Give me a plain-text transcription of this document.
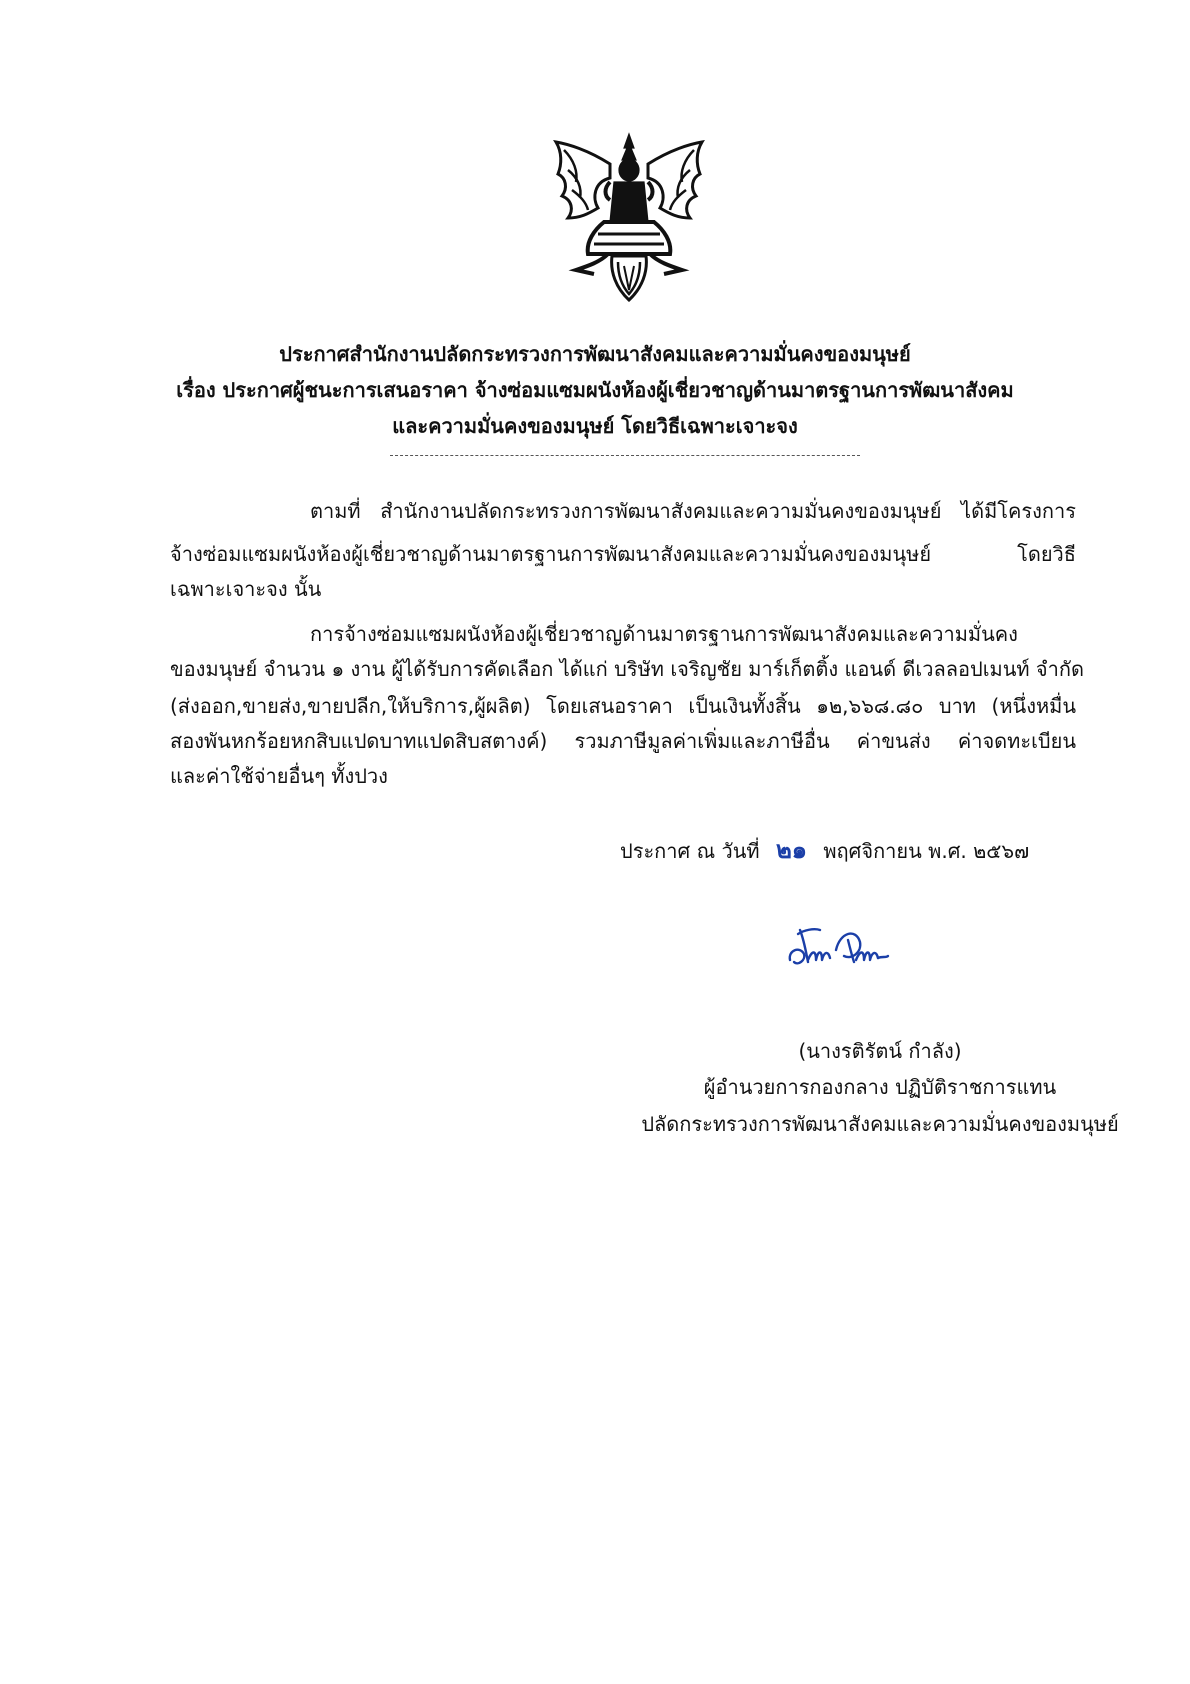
ประกาศสำนักงานปลัดกระทรวงการพัฒนาสังคมและความมั่นคงของมนุษย์
เรื่อง ประกาศผู้ชนะการเสนอราคา จ้างซ่อมแซมผนังห้องผู้เชี่ยวชาญด้านมาตรฐานการพัฒนาสังคม
และความมั่นคงของมนุษย์ โดยวิธีเฉพาะเจาะจง
ตามที่ สำนักงานปลัดกระทรวงการพัฒนาสังคมและความมั่นคงของมนุษย์ ได้มีโครงการ
จ้างซ่อมแซมผนังห้องผู้เชี่ยวชาญด้านมาตรฐานการพัฒนาสังคมและความมั่นคงของมนุษย์ โดยวิธี
เฉพาะเจาะจง นั้น
การจ้างซ่อมแซมผนังห้องผู้เชี่ยวชาญด้านมาตรฐานการพัฒนาสังคมและความมั่นคง
ของมนุษย์ จำนวน ๑ งาน ผู้ได้รับการคัดเลือก ได้แก่ บริษัท เจริญชัย มาร์เก็ตติ้ง แอนด์ ดีเวลลอปเมนท์ จำกัด
(ส่งออก,ขายส่ง,ขายปลีก,ให้บริการ,ผู้ผลิต) โดยเสนอราคา เป็นเงินทั้งสิ้น ๑๒,๖๖๘.๘๐ บาท (หนึ่งหมื่น
สองพันหกร้อยหกสิบแปดบาทแปดสิบสตางค์) รวมภาษีมูลค่าเพิ่มและภาษีอื่น ค่าขนส่ง ค่าจดทะเบียน
และค่าใช้จ่ายอื่นๆ ทั้งปวง
ประกาศ ณ วันที่ ๒๑ พฤศจิกายน พ.ศ. ๒๕๖๗
(นางรติรัตน์ กำลัง)
ผู้อำนวยการกองกลาง ปฏิบัติราชการแทน
ปลัดกระทรวงการพัฒนาสังคมและความมั่นคงของมนุษย์
